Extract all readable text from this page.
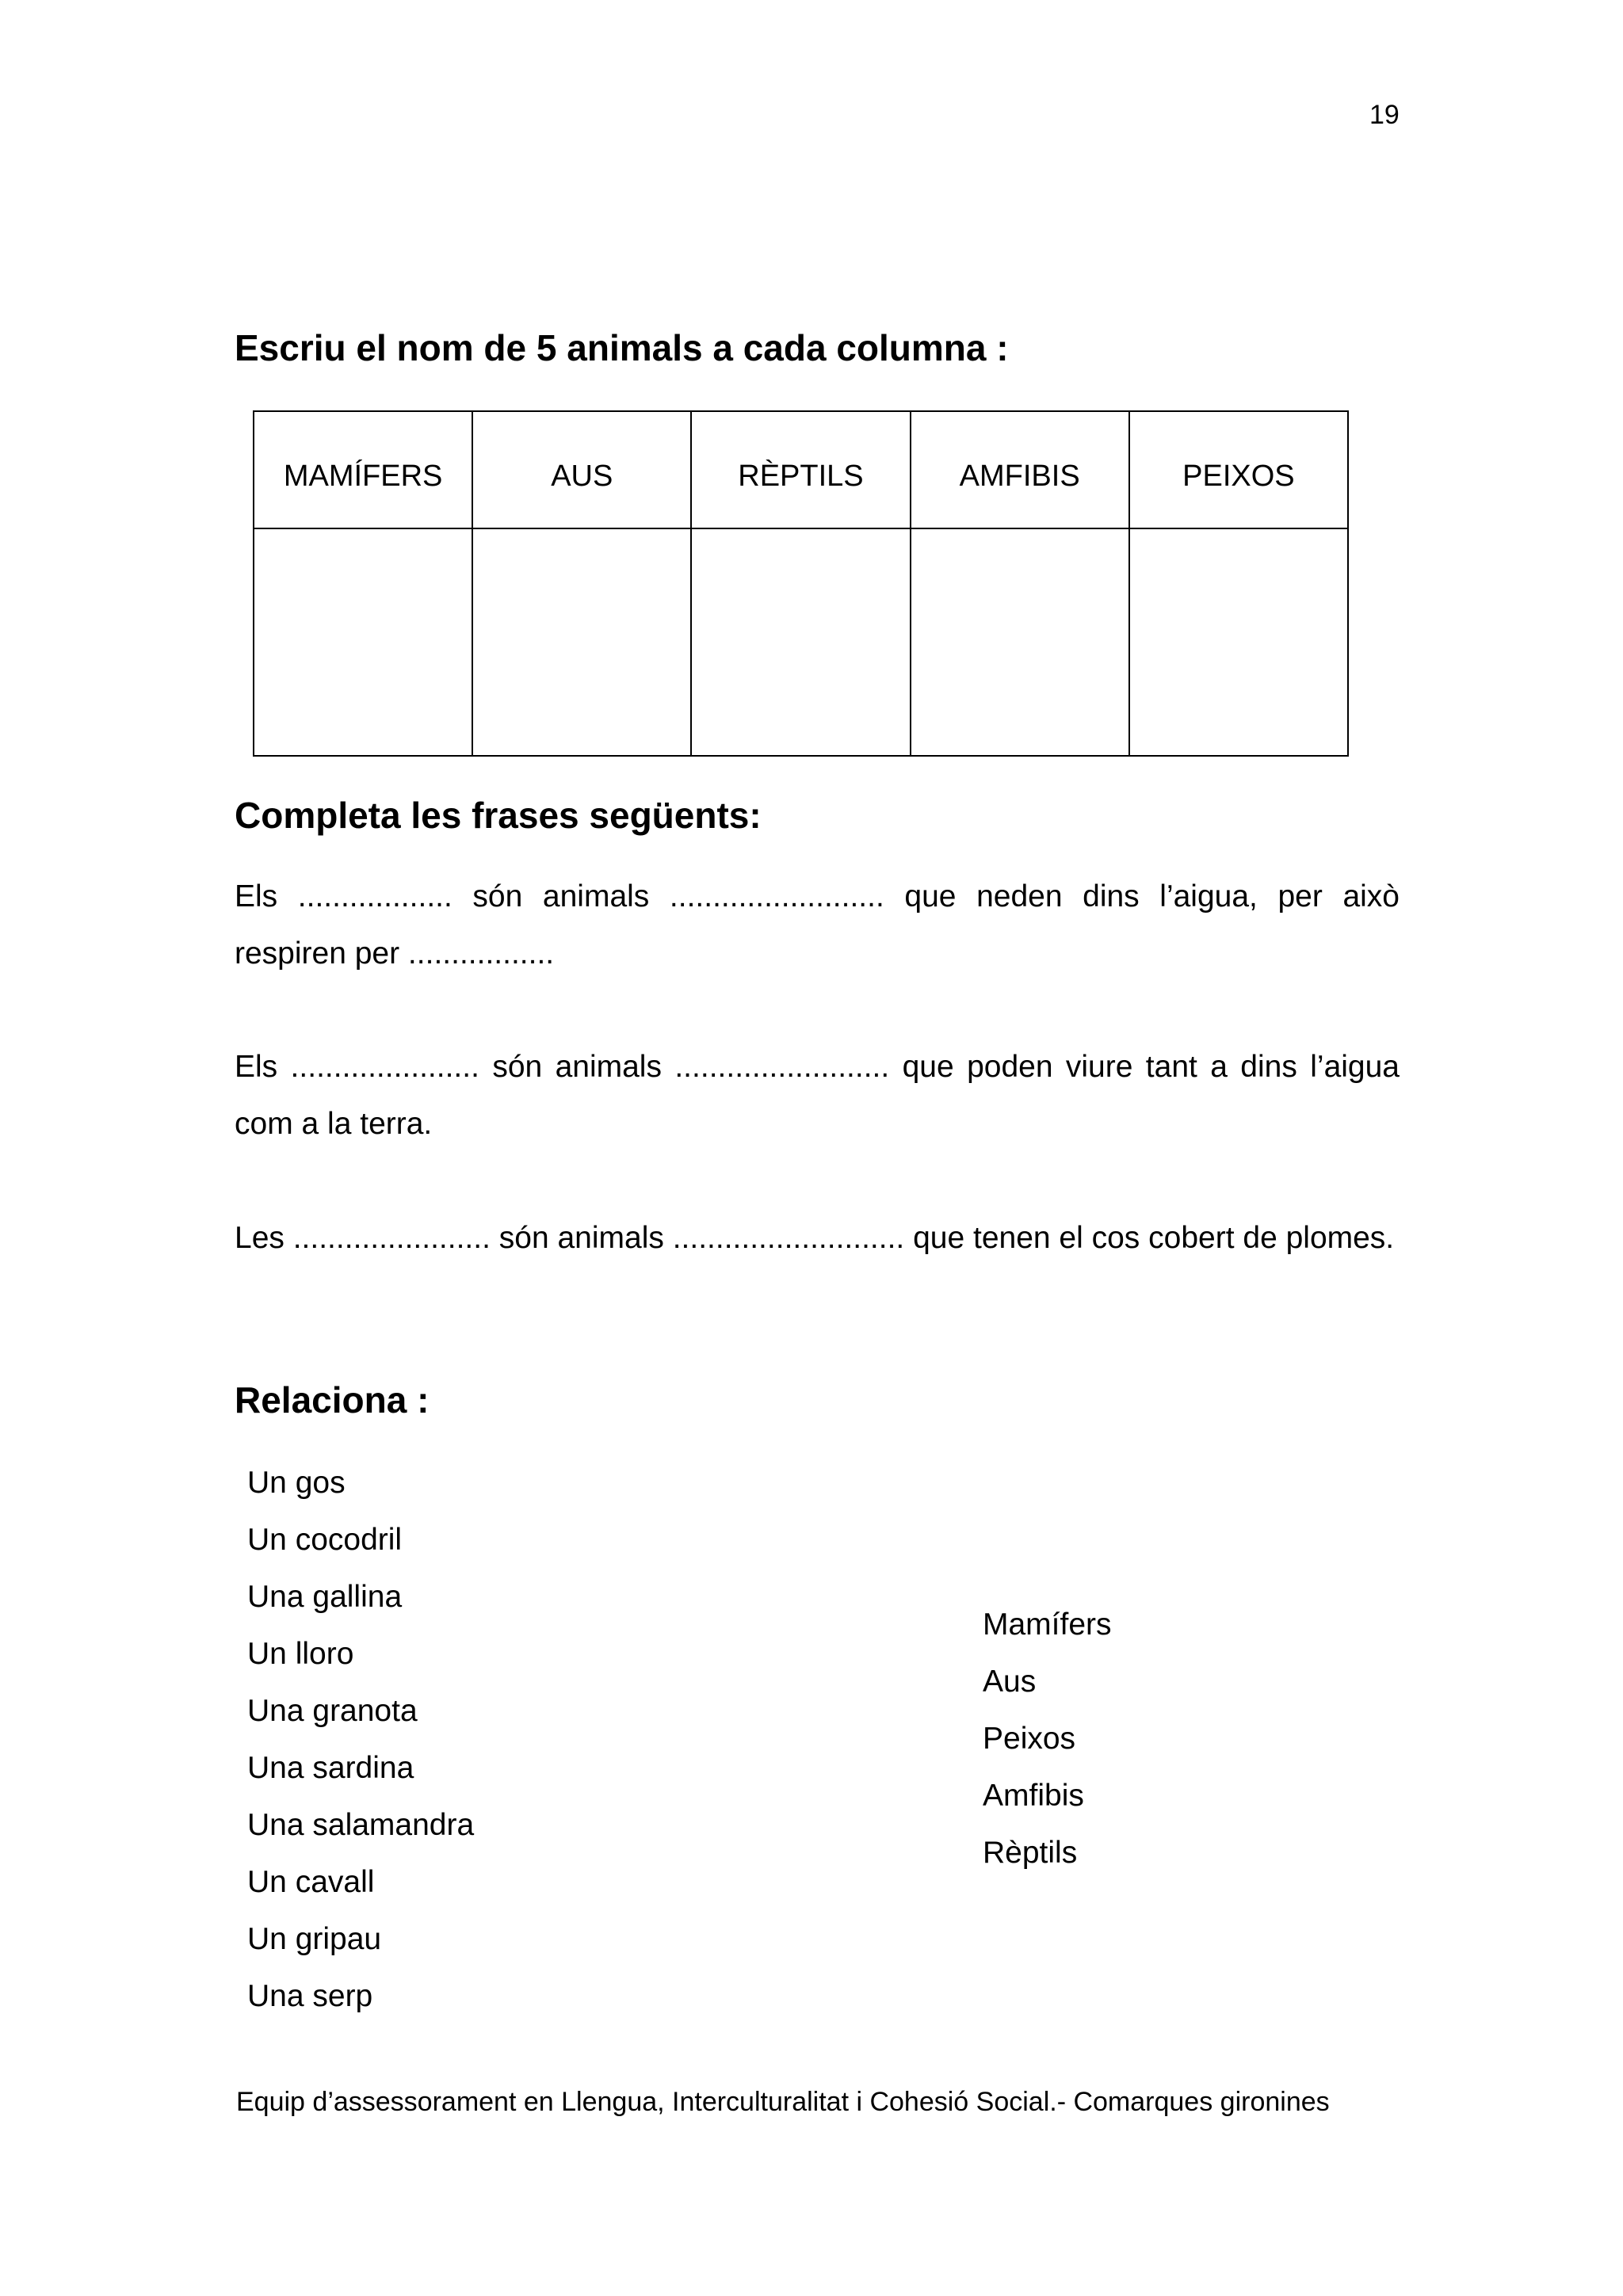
19
Escriu el nom de 5 animals a cada columna :
MAMÍFERS	AUS	RÈPTILS	AMFIBIS	PEIXOS

Completa les frases següents:

Els .................. són animals ......................... que neden dins l’aigua, per això respiren per .................

Els ...................... són animals ......................... que poden viure tant a dins l’aigua com a la terra.

Les ....................... són animals ........................... que tenen el cos cobert de plomes.

Relaciona :
Un gos
Un cocodril
Una gallina
Un lloro
Una granota
Una sardina
Una salamandra
Un cavall
Un gripau
Una serp
Mamífers
Aus
Peixos
Amfibis
Rèptils
Equip d’assessorament en Llengua, Interculturalitat i Cohesió Social.- Comarques gironines
